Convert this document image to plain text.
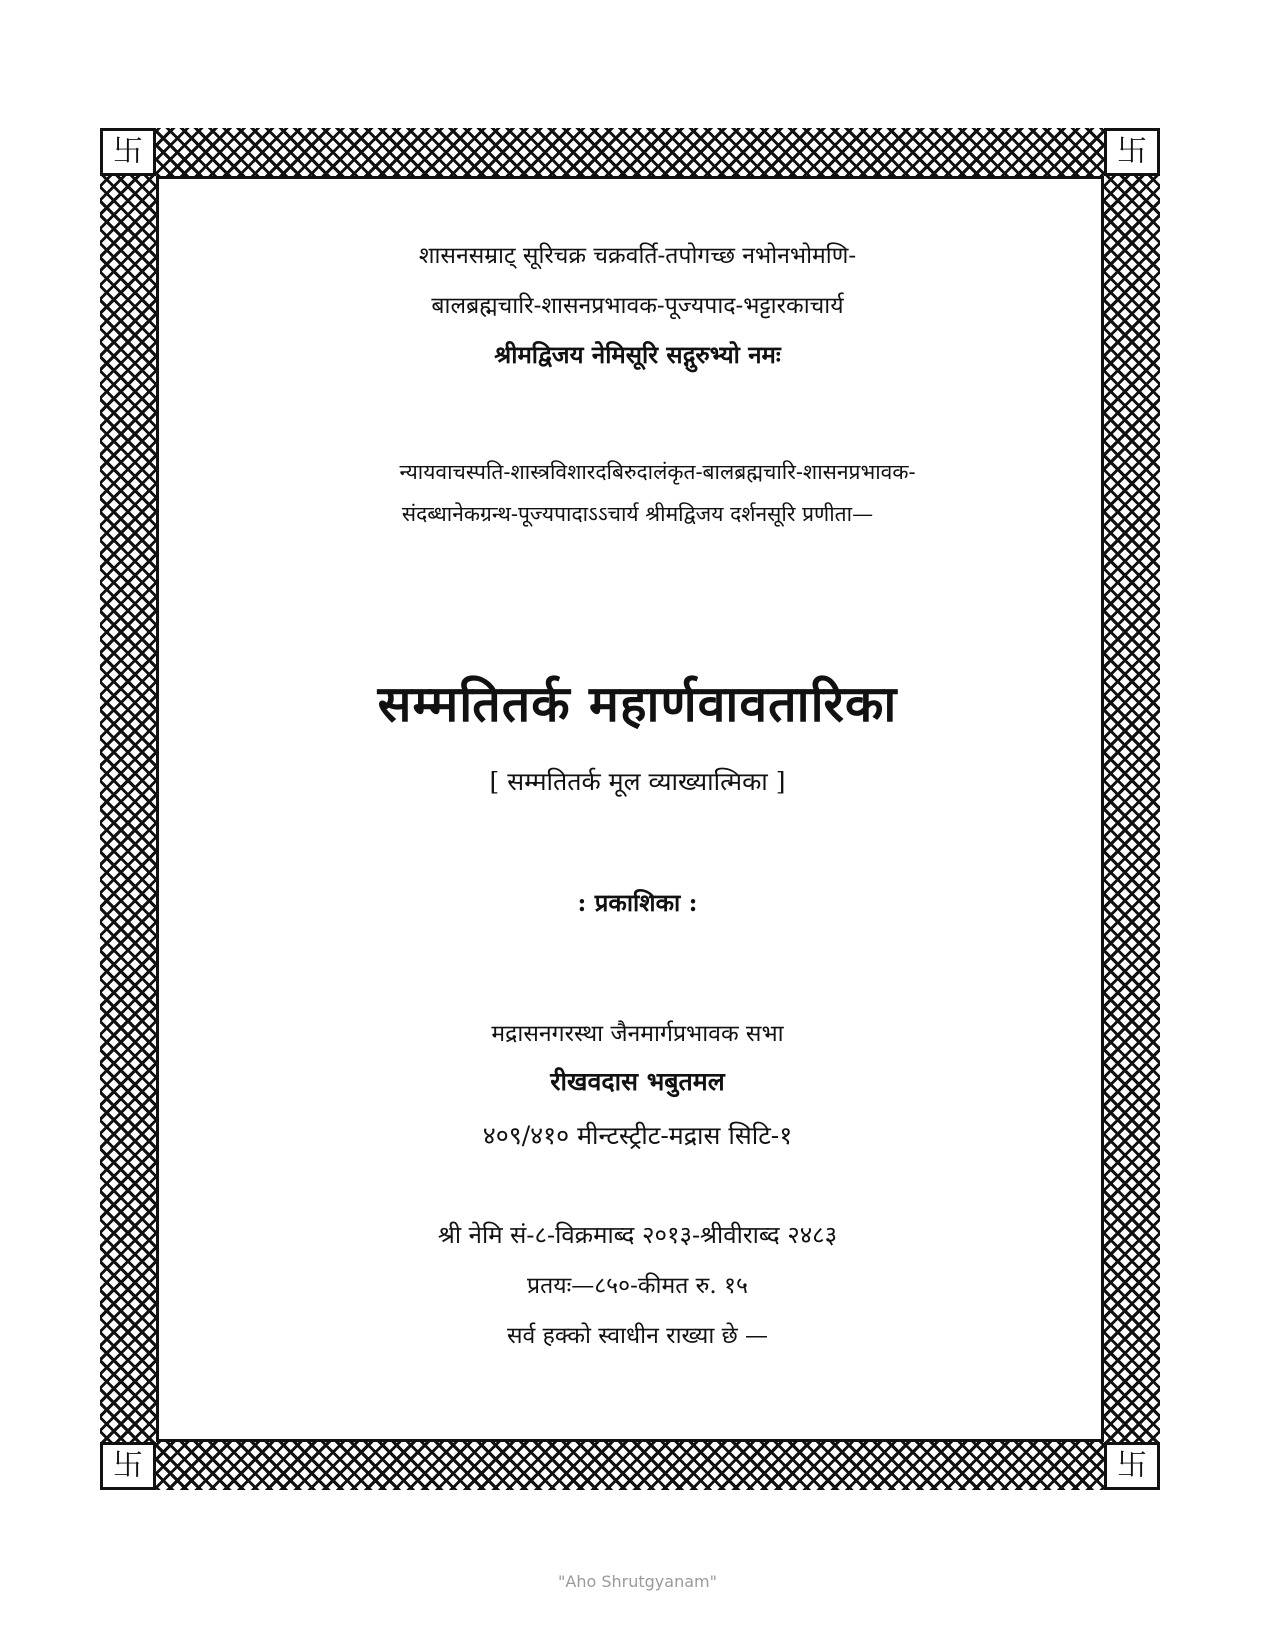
卐	卐
卐	卐
शासनसम्राट् सूरिचक्र चक्रवर्ति-तपोगच्छ नभोनभोमणि-
बालब्रह्मचारि-शासनप्रभावक-पूज्यपाद-भट्टारकाचार्य
श्रीमद्विजय नेमिसूरि सद्गुरुभ्यो नमः
न्यायवाचस्पति-शास्त्रविशारदबिरुदालंकृत-बालब्रह्मचारि-शासनप्रभावक-
संदब्धानेकग्रन्थ-पूज्यपादाऽऽचार्य श्रीमद्विजय दर्शनसूरि प्रणीता—
सम्मतितर्क महार्णवावतारिका
[ सम्मतितर्क मूल व्याख्यात्मिका ]
: प्रकाशिका :
मद्रासनगरस्था जैनमार्गप्रभावक सभा
रीखवदास भबुतमल
४०९/४१० मीन्टस्ट्रीट-मद्रास सिटि-१
श्री नेमि सं-८-विक्रमाब्द २०१३-श्रीवीराब्द २४८३
प्रतयः—८५०-कीमत रु. १५
सर्व हक्को स्वाधीन राख्या छे —
"Aho Shrutgyanam"
